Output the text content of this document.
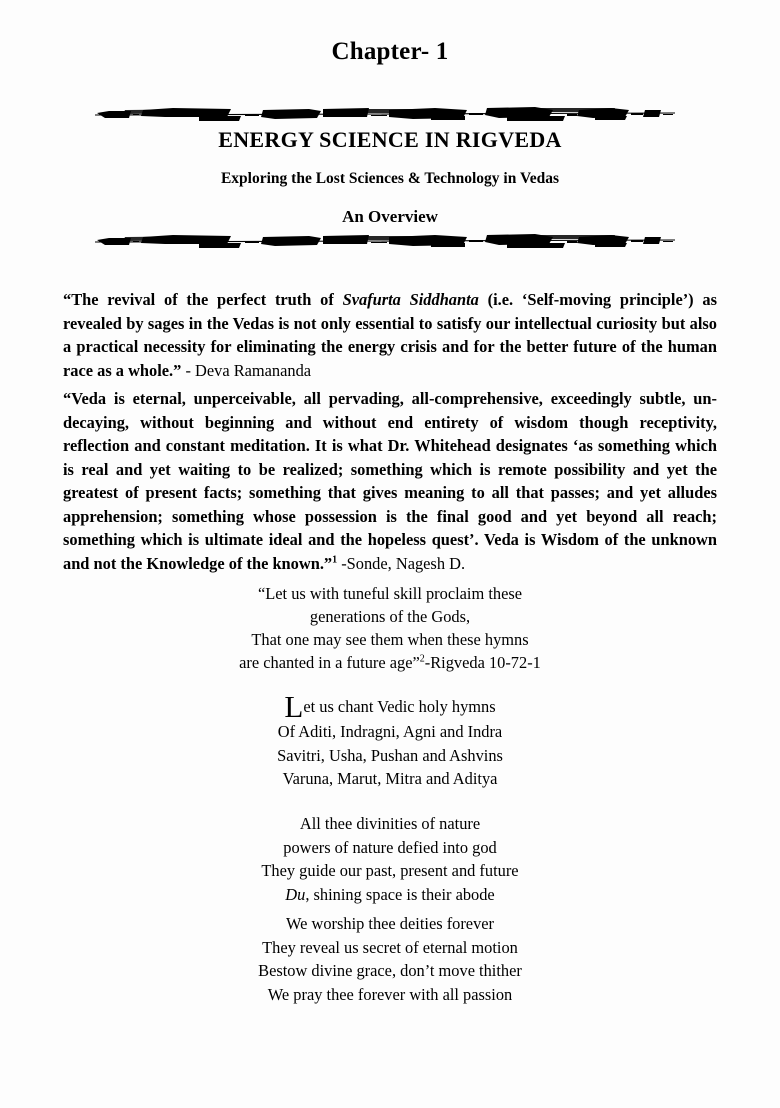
Chapter- 1
ENERGY SCIENCE IN RIGVEDA
Exploring the Lost Sciences & Technology in Vedas
An Overview

“The revival of the perfect truth of Svafurta Siddhanta (i.e. ‘Self-moving principle’) as revealed by sages in the Vedas is not only essential to satisfy our intellectual curiosity but also a practical necessity for eliminating the energy crisis and for the better future of the human race as a whole.” - Deva Ramananda

“Veda is eternal, unperceivable, all pervading, all-comprehensive, exceedingly subtle, un-decaying, without beginning and without end entirety of wisdom though receptivity, reflection and constant meditation. It is what Dr. Whitehead designates ‘as something which is real and yet waiting to be realized; something which is remote possibility and yet the greatest of present facts; something that gives meaning to all that passes; and yet alludes apprehension; something whose possession is the final good and yet beyond all reach; something which is ultimate ideal and the hopeless quest’. Veda is Wisdom of the unknown and not the Knowledge of the known.”$^1$ -Sonde, Nagesh D.

“Let us with tuneful skill proclaim these
generations of the Gods,
That one may see them when these hymns
are chanted in a future age”$^2$-Rigveda 10-72-1
Let us chant Vedic holy hymns
Of Aditi, Indragni, Agni and Indra
Savitri, Usha, Pushan and Ashvins
Varuna, Marut, Mitra and Aditya
All thee divinities of nature
powers of nature defied into god
They guide our past, present and future
Du, shining space is their abode
We worship thee deities forever
They reveal us secret of eternal motion
Bestow divine grace, don’t move thither
We pray thee forever with all passion
